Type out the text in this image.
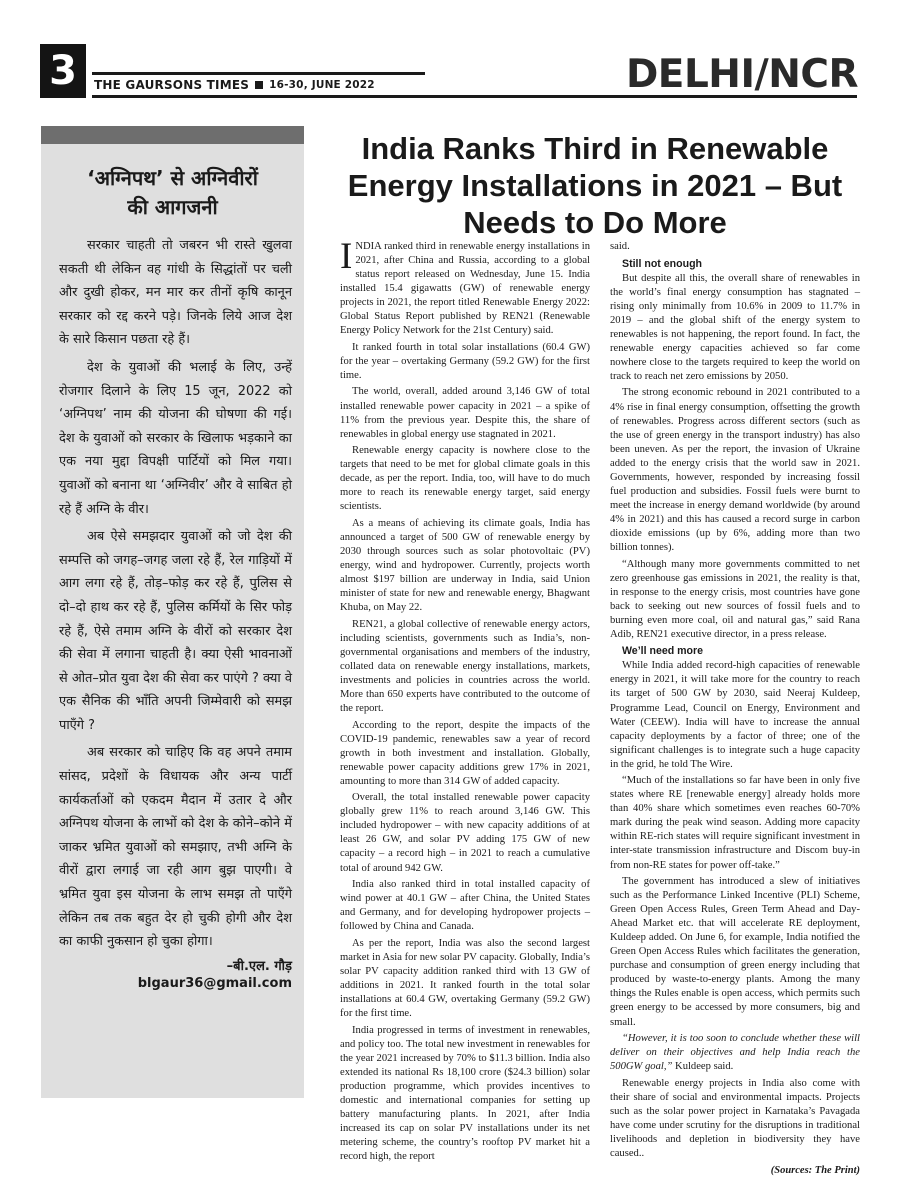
3	THE GAURSONS TIMES 16-30, JUNE 2022	DELHI/NCR
‘अग्निपथ’ से अग्निवीरों
की आगजनी

सरकार चाहती तो जबरन भी रास्ते खुलवा सकती थी लेकिन वह गांधी के सिद्धांतों पर चली और दुखी होकर, मन मार कर तीनों कृषि कानून सरकार को रद्द करने पड़े। जिनके लिये आज देश के सारे किसान पछता रहे हैं।

देश के युवाओं की भलाई के लिए, उन्हें रोजगार दिलाने के लिए 15 जून, 2022 को ‘अग्निपथ’ नाम की योजना की घोषणा की गई। देश के युवाओं को सरकार के खिलाफ भड़काने का एक नया मुद्दा विपक्षी पार्टियों को मिल गया। युवाओं को बनाना था ‘अग्निवीर’ और वे साबित हो रहे हैं अग्नि के वीर।

अब ऐसे समझदार युवाओं को जो देश की सम्पत्ति को जगह–जगह जला रहे हैं, रेल गाड़ियों में आग लगा रहे हैं, तोड़–फोड़ कर रहे हैं, पुलिस से दो–दो हाथ कर रहे हैं, पुलिस कर्मियों के सिर फोड़ रहे हैं, ऐसे तमाम अग्नि के वीरों को सरकार देश की सेवा में लगाना चाहती है। क्या ऐसी भावनाओं से ओत–प्रोत युवा देश की सेवा कर पाएंगे ? क्या वे एक सैनिक की भाँति अपनी जिम्मेवारी को समझ पाएँगे ?

अब सरकार को चाहिए कि वह अपने तमाम सांसद, प्रदेशों के विधायक और अन्य पार्टी कार्यकर्ताओं को एकदम मैदान में उतार दे और अग्निपथ योजना के लाभों को देश के कोने–कोने में जाकर भ्रमित युवाओं को समझाए, तभी अग्नि के वीरों द्वारा लगाई जा रही आग बुझ पाएगी। वे भ्रमित युवा इस योजना के लाभ समझ तो पाएँगे लेकिन तब तक बहुत देर हो चुकी होगी और देश का काफी नुकसान हो चुका होगा।

–बी.एल. गौड़
blgaur36@gmail.com
India Ranks Third in Renewable Energy Installations in 2021 – But Needs to Do More

INDIA ranked third in renewable energy installations in 2021, after China and Russia, according to a global status report released on Wednesday, June 15. India installed 15.4 gigawatts (GW) of renewable energy projects in 2021, the report titled Renewable Energy 2022: Global Status Report published by REN21 (Renewable Energy Policy Network for the 21st Century) said.

It ranked fourth in total solar installations (60.4 GW) for the year – overtaking Germany (59.2 GW) for the first time.

The world, overall, added around 3,146 GW of total installed renewable power capacity in 2021 – a spike of 11% from the previous year. Despite this, the share of renewables in global energy use stagnated in 2021.

Renewable energy capacity is nowhere close to the targets that need to be met for global climate goals in this decade, as per the report. India, too, will have to do much more to reach its renewable energy target, said energy scientists.

As a means of achieving its climate goals, India has announced a target of 500 GW of renewable energy by 2030 through sources such as solar photovoltaic (PV) energy, wind and hydropower. Currently, projects worth almost $197 billion are underway in India, said Union minister of state for new and renewable energy, Bhagwant Khuba, on May 22.

REN21, a global collective of renewable energy actors, including scientists, governments such as India’s, non-governmental organisations and members of the industry, collated data on renewable energy installations, markets, investments and policies in countries across the world. More than 650 experts have contributed to the outcome of the report.

According to the report, despite the impacts of the COVID-19 pandemic, renewables saw a year of record growth in both investment and installation. Globally, renewable power capacity additions grew 17% in 2021, amounting to more than 314 GW of added capacity.

Overall, the total installed renewable power capacity globally grew 11% to reach around 3,146 GW. This included hydropower – with new capacity additions of at least 26 GW, and solar PV adding 175 GW of new capacity – a record high – in 2021 to reach a cumulative total of around 942 GW.

India also ranked third in total installed capacity of wind power at 40.1 GW – after China, the United States and Germany, and for developing hydropower projects – followed by China and Canada.

As per the report, India was also the second largest market in Asia for new solar PV capacity. Globally, India’s solar PV capacity addition ranked third with 13 GW of additions in 2021. It ranked fourth in the total solar installations at 60.4 GW, overtaking Germany (59.2 GW) for the first time.

India progressed in terms of investment in renewables, and policy too. The total new investment in renewables for the year 2021 increased by 70% to $11.3 billion. India also extended its national Rs 18,100 crore ($24.3 billion) solar production programme, which provides incentives to domestic and international companies for setting up battery manufacturing plants. In 2021, after India increased its cap on solar PV installations under its net metering scheme, the country’s rooftop PV market hit a record high, the report

said.

Still not enough

But despite all this, the overall share of renewables in the world’s final energy consumption has stagnated – rising only minimally from 10.6% in 2009 to 11.7% in 2019 – and the global shift of the energy system to renewables is not happening, the report found. In fact, the renewable energy capacities achieved so far come nowhere close to the targets required to keep the world on track to reach net zero emissions by 2050.

The strong economic rebound in 2021 contributed to a 4% rise in final energy consumption, offsetting the growth of renewables. Progress across different sectors (such as the use of green energy in the transport industry) has also been uneven. As per the report, the invasion of Ukraine added to the energy crisis that the world saw in 2021. Governments, however, responded by increasing fossil fuel production and subsidies. Fossil fuels were burnt to meet the increase in energy demand worldwide (by around 4% in 2021) and this has caused a record surge in carbon dioxide emissions (up by 6%, adding more than two billion tonnes).

“Although many more governments committed to net zero greenhouse gas emissions in 2021, the reality is that, in response to the energy crisis, most countries have gone back to seeking out new sources of fossil fuels and to burning even more coal, oil and natural gas,” said Rana Adib, REN21 executive director, in a press release.

We’ll need more

While India added record-high capacities of renewable energy in 2021, it will take more for the country to reach its target of 500 GW by 2030, said Neeraj Kuldeep, Programme Lead, Council on Energy, Environment and Water (CEEW). India will have to increase the annual capacity deployments by a factor of three; one of the significant challenges is to integrate such a huge capacity in the grid, he told The Wire.

“Much of the installations so far have been in only five states where RE [renewable energy] already holds more than 40% share which sometimes even reaches 60-70% mark during the peak wind season. Adding more capacity within RE-rich states will require significant investment in inter-state transmission infrastructure and Discom buy-in from non-RE states for power off-take.”

The government has introduced a slew of initiatives such as the Performance Linked Incentive (PLI) Scheme, Green Open Access Rules, Green Term Ahead and Day-Ahead Market etc. that will accelerate RE deployment, Kuldeep added. On June 6, for example, India notified the Green Open Access Rules which facilitates the generation, purchase and consumption of green energy including that produced by waste-to-energy plants. Among the many things the Rules enable is open access, which permits such green energy to be accessed by more consumers, big and small.

“However, it is too soon to conclude whether these will deliver on their objectives and help India reach the 500GW goal,” Kuldeep said.

Renewable energy projects in India also come with their share of social and environmental impacts. Projects such as the solar power project in Karnataka’s Pavagada have come under scrutiny for the disruptions in traditional livelihoods and depletion in biodiversity they have caused..

(Sources: The Print)
